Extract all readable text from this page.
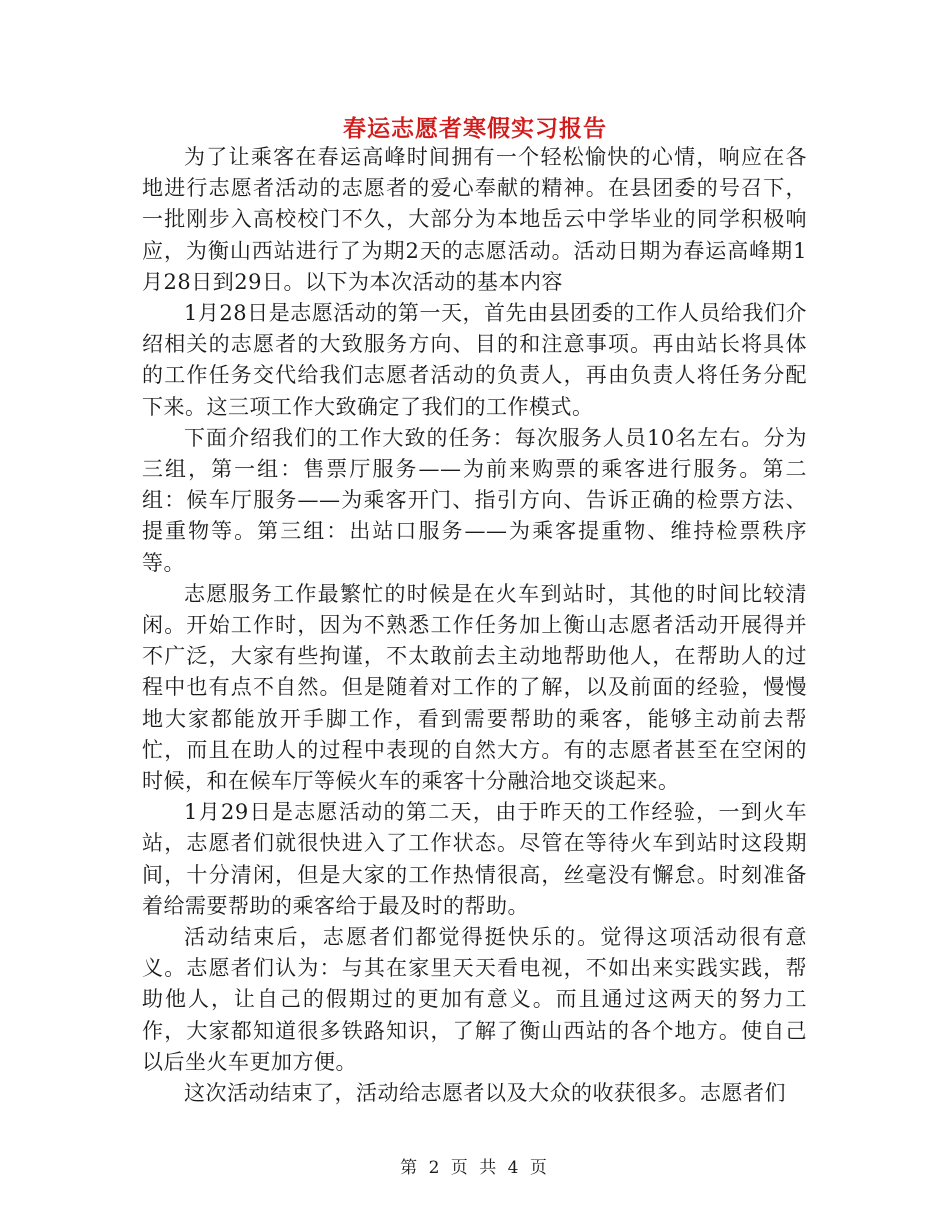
春运志愿者寒假实习报告

为了让乘客在春运高峰时间拥有一个轻松愉快的心情，响应在各地进行志愿者活动的志愿者的爱心奉献的精神。在县团委的号召下，一批刚步入高校校门不久，大部分为本地岳云中学毕业的同学积极响应，为衡山西站进行了为期2天的志愿活动。活动日期为春运高峰期1月28日到29日。以下为本次活动的基本内容

1月28日是志愿活动的第一天，首先由县团委的工作人员给我们介绍相关的志愿者的大致服务方向、目的和注意事项。再由站长将具体的工作任务交代给我们志愿者活动的负责人，再由负责人将任务分配下来。这三项工作大致确定了我们的工作模式。

下面介绍我们的工作大致的任务：每次服务人员10名左右。分为三组，第一组：售票厅服务——为前来购票的乘客进行服务。第二组：候车厅服务——为乘客开门、指引方向、告诉正确的检票方法、提重物等。第三组：出站口服务——为乘客提重物、维持检票秩序等。

志愿服务工作最繁忙的时候是在火车到站时，其他的时间比较清闲。开始工作时，因为不熟悉工作任务加上衡山志愿者活动开展得并不广泛，大家有些拘谨，不太敢前去主动地帮助他人，在帮助人的过程中也有点不自然。但是随着对工作的了解，以及前面的经验，慢慢地大家都能放开手脚工作，看到需要帮助的乘客，能够主动前去帮忙，而且在助人的过程中表现的自然大方。有的志愿者甚至在空闲的时候，和在候车厅等候火车的乘客十分融洽地交谈起来。

1月29日是志愿活动的第二天，由于昨天的工作经验，一到火车站，志愿者们就很快进入了工作状态。尽管在等待火车到站时这段期间，十分清闲，但是大家的工作热情很高，丝毫没有懈怠。时刻准备着给需要帮助的乘客给于最及时的帮助。

活动结束后，志愿者们都觉得挺快乐的。觉得这项活动很有意义。志愿者们认为：与其在家里天天看电视，不如出来实践实践，帮助他人，让自己的假期过的更加有意义。而且通过这两天的努力工作，大家都知道很多铁路知识，了解了衡山西站的各个地方。使自己以后坐火车更加方便。

这次活动结束了，活动给志愿者以及大众的收获很多。志愿者们

第 2 页 共 4 页
